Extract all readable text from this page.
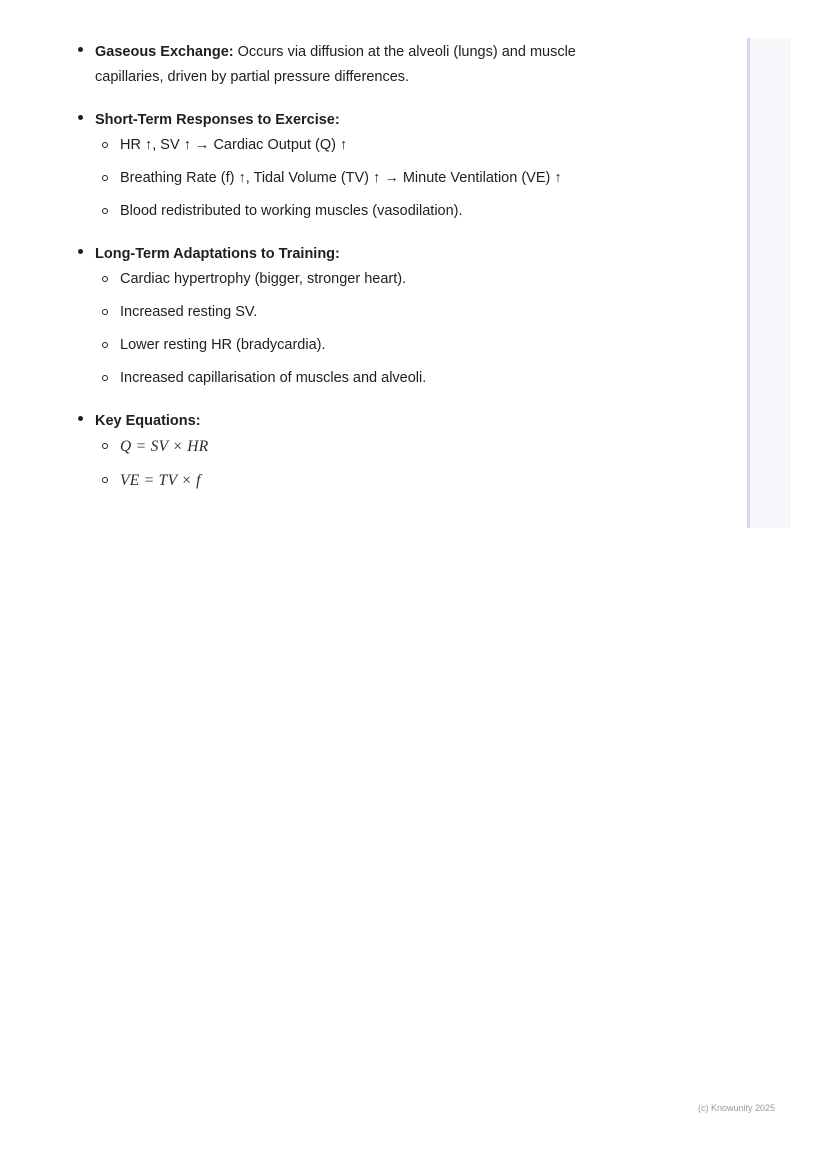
Gaseous Exchange: Occurs via diffusion at the alveoli (lungs) and muscle capillaries, driven by partial pressure differences.
Short-Term Responses to Exercise:
HR ↑, SV ↑ → Cardiac Output (Q) ↑
Breathing Rate (f) ↑, Tidal Volume (TV) ↑ → Minute Ventilation (VE) ↑
Blood redistributed to working muscles (vasodilation).
Long-Term Adaptations to Training:
Cardiac hypertrophy (bigger, stronger heart).
Increased resting SV.
Lower resting HR (bradycardia).
Increased capillarisation of muscles and alveoli.
Key Equations:
Q = SV × HR
VE = TV × f
(c) Knowunity 2025
